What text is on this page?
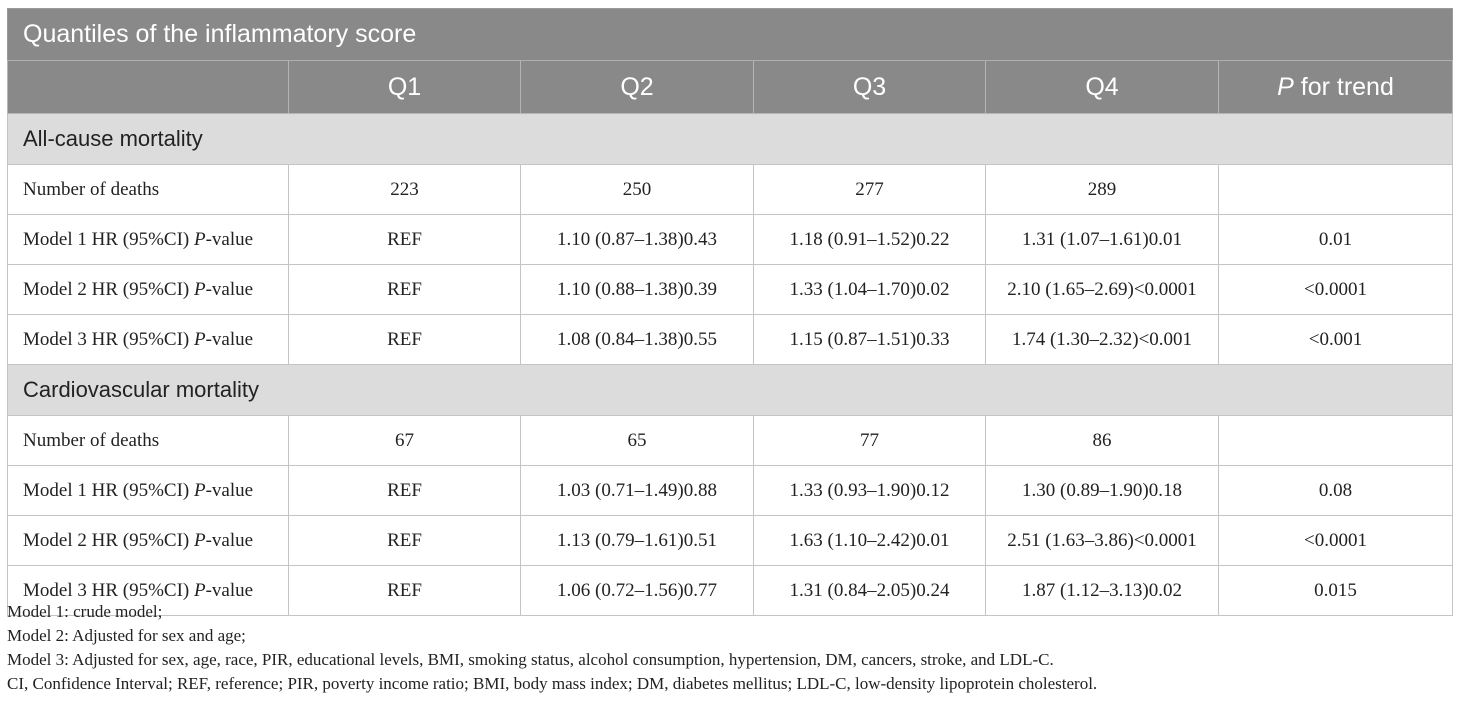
Quantiles of the inflammatory score					
	Q1	Q2	Q3	Q4	P for trend
All-cause mortality					
Number of deaths	223	250	277	289	
Model 1 HR (95%CI) P-value	REF	1.10 (0.87–1.38)0.43	1.18 (0.91–1.52)0.22	1.31 (1.07–1.61)0.01	0.01
Model 2 HR (95%CI) P-value	REF	1.10 (0.88–1.38)0.39	1.33 (1.04–1.70)0.02	2.10 (1.65–2.69)<0.0001	<0.0001
Model 3 HR (95%CI) P-value	REF	1.08 (0.84–1.38)0.55	1.15 (0.87–1.51)0.33	1.74 (1.30–2.32)<0.001	<0.001
Cardiovascular mortality					
Number of deaths	67	65	77	86	
Model 1 HR (95%CI) P-value	REF	1.03 (0.71–1.49)0.88	1.33 (0.93–1.90)0.12	1.30 (0.89–1.90)0.18	0.08
Model 2 HR (95%CI) P-value	REF	1.13 (0.79–1.61)0.51	1.63 (1.10–2.42)0.01	2.51 (1.63–3.86)<0.0001	<0.0001
Model 3 HR (95%CI) P-value	REF	1.06 (0.72–1.56)0.77	1.31 (0.84–2.05)0.24	1.87 (1.12–3.13)0.02	0.015
Model 1: crude model;
Model 2: Adjusted for sex and age;
Model 3: Adjusted for sex, age, race, PIR, educational levels, BMI, smoking status, alcohol consumption, hypertension, DM, cancers, stroke, and LDL-C.
CI, Confidence Interval; REF, reference; PIR, poverty income ratio; BMI, body mass index; DM, diabetes mellitus; LDL-C, low-density lipoprotein cholesterol.
